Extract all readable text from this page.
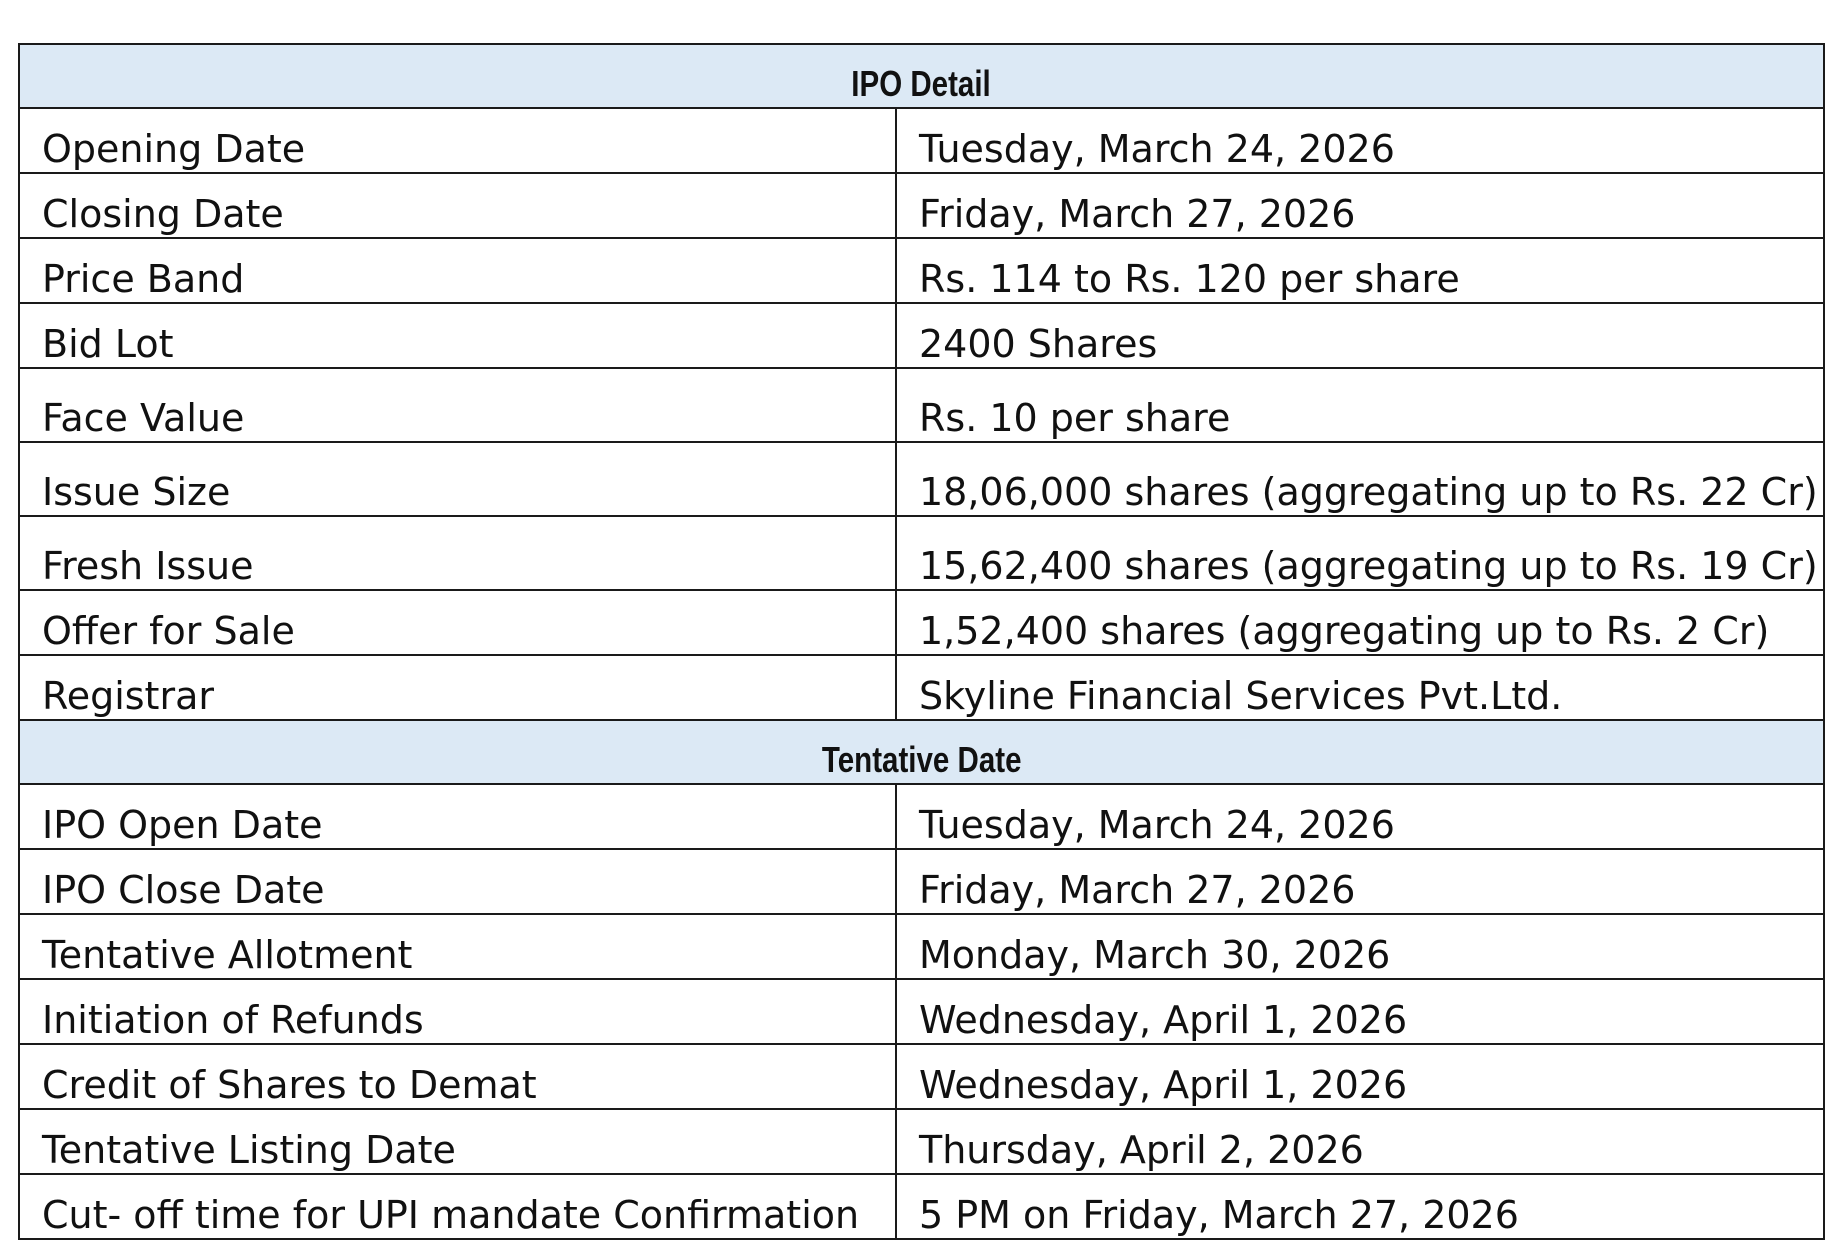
IPO Detail	
Opening Date	Tuesday, March 24, 2026
Closing Date	Friday, March 27, 2026
Price Band	Rs. 114 to Rs. 120 per share
Bid Lot	2400 Shares
Face Value	Rs. 10 per share
Issue Size	18,06,000 shares (aggregating up to Rs. 22 Cr)
Fresh Issue	15,62,400 shares (aggregating up to Rs. 19 Cr)
Offer for Sale	1,52,400 shares (aggregating up to Rs. 2 Cr)
Registrar	Skyline Financial Services Pvt.Ltd.
Tentative Date	
IPO Open Date	Tuesday, March 24, 2026
IPO Close Date	Friday, March 27, 2026
Tentative Allotment	Monday, March 30, 2026
Initiation of Refunds	Wednesday, April 1, 2026
Credit of Shares to Demat	Wednesday, April 1, 2026
Tentative Listing Date	Thursday, April 2, 2026
Cut- off time for UPI mandate Confirmation	5 PM on Friday, March 27, 2026
